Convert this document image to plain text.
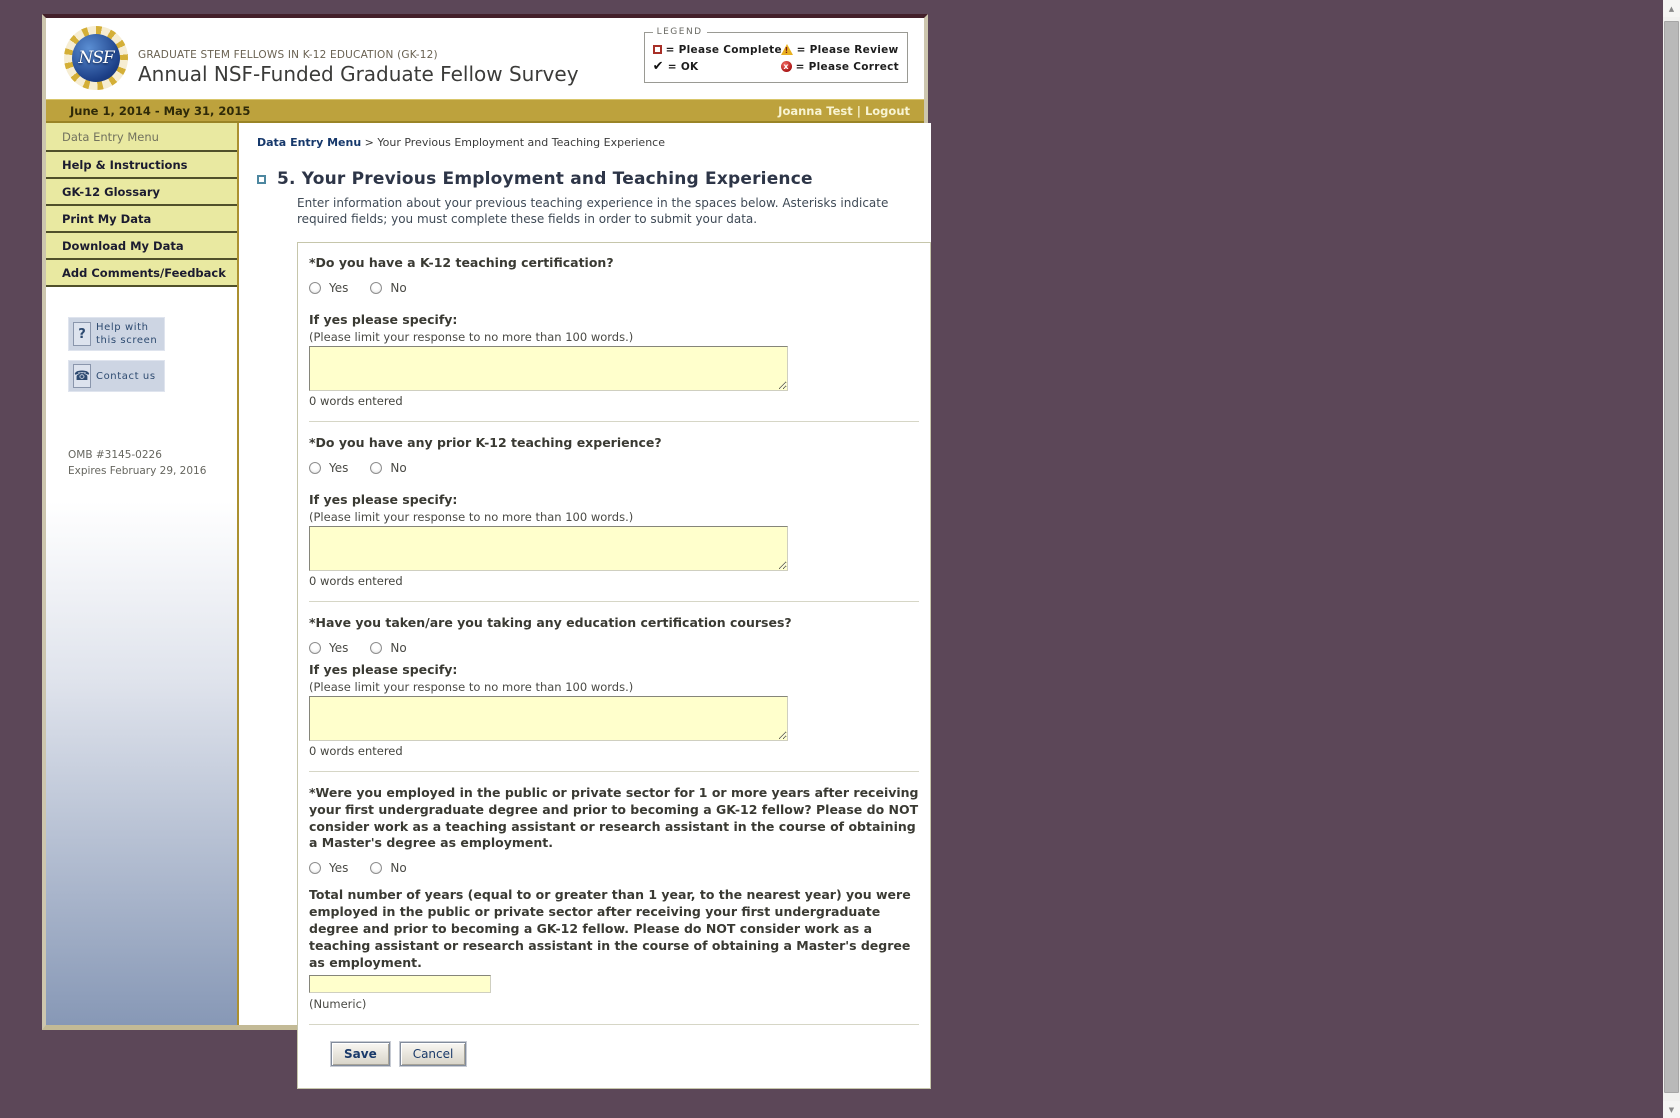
NSF	GRADUATE STEM FELLOWS IN K-12 EDUCATION (GK-12)
Annual NSF-Funded Graduate Fellow Survey
LEGEND
= Please Complete ! = Please Review
✔ = OK	x = Please Correct
June 1, 2014 - May 31, 2015	Joanna Test | Logout
Data Entry Menu
Help & Instructions
GK-12 Glossary
Print My Data
Download My Data
Add Comments/Feedback
?	Help with this screen
☎ Contact us
OMB #3145-0226
Expires February 29, 2016
Data Entry Menu > Your Previous Employment and Teaching Experience
5. Your Previous Employment and Teaching Experience
Enter information about your previous teaching experience in the spaces below. Asterisks indicate required fields; you must complete these fields in order to submit your data.
*Do you have a K-12 teaching certification?
Yes	No
If yes please specify:
(Please limit your response to no more than 100 words.)
0 words entered
*Do you have any prior K-12 teaching experience?
Yes	No
If yes please specify:
(Please limit your response to no more than 100 words.)
0 words entered
*Have you taken/are you taking any education certification courses?
Yes	No
If yes please specify:
(Please limit your response to no more than 100 words.)
0 words entered
*Were you employed in the public or private sector for 1 or more years after receiving your first undergraduate degree and prior to becoming a GK-12 fellow? Please do NOT consider work as a teaching assistant or research assistant in the course of obtaining a Master's degree as employment.
Yes	No
Total number of years (equal to or greater than 1 year, to the nearest year) you were employed in the public or private sector after receiving your first undergraduate degree and prior to becoming a GK-12 fellow. Please do NOT consider work as a teaching assistant or research assistant in the course of obtaining a Master's degree as employment.
(Numeric)
Save	Cancel
▲
▼
